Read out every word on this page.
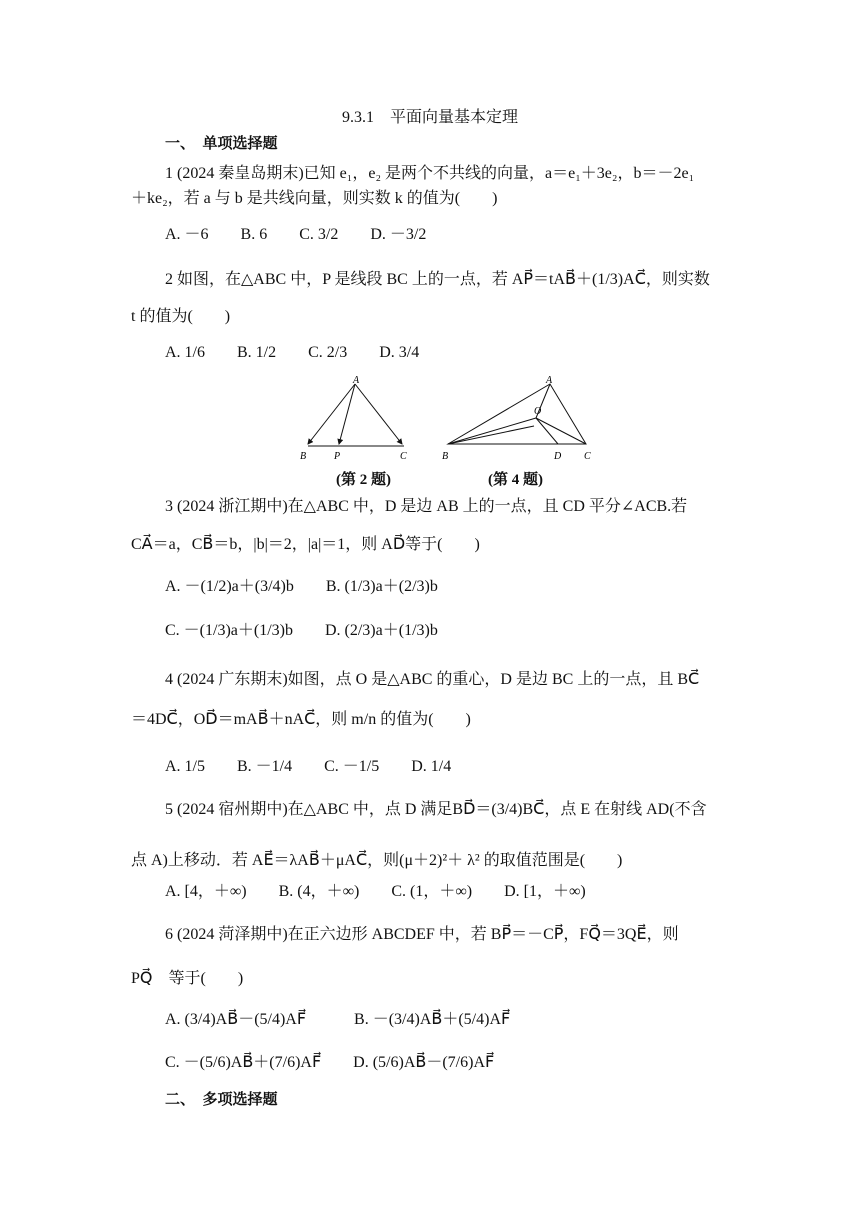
9.3.1　平面向量基本定理
一、　单项选择题
1 (2024 秦皇岛期末)已知 e₁，e₂ 是两个不共线的向量，a＝e₁＋3e₂，b＝－2e₁
＋ke₂，若 a 与 b 是共线向量，则实数 k 的值为(　　)
A. －6　　B. 6　　C. 3/2　　D. －3/2
2 如图，在△ABC 中，P 是线段 BC 上的一点，若 AP⃗＝tAB⃗＋(1/3)AC⃗，则实数
t 的值为(　　)
A. 1/6　　B. 1/2　　C. 2/3　　D. 3/4
A
B	P	C
(第 2 题)
A
O
B	D C
(第 4 题)
3 (2024 浙江期中)在△ABC 中，D 是边 AB 上的一点，且 CD 平分∠ACB.若
CA⃗＝a，CB⃗＝b，|b|＝2，|a|＝1，则 AD⃗等于(　　)
A. －(1/2)a＋(3/4)b　　B. (1/3)a＋(2/3)b
C. －(1/3)a＋(1/3)b　　D. (2/3)a＋(1/3)b
4 (2024 广东期末)如图，点 O 是△ABC 的重心，D 是边 BC 上的一点，且 BC⃗
＝4DC⃗，OD⃗＝mAB⃗＋nAC⃗，则 m/n 的值为(　　)
A. 1/5　　B. －1/4　　C. －1/5　　D. 1/4
5 (2024 宿州期中)在△ABC 中，点 D 满足BD⃗＝(3/4)BC⃗，点 E 在射线 AD(不含
点 A)上移动．若 AE⃗＝λAB⃗＋μAC⃗，则(μ＋2)²＋ λ² 的取值范围是(　　)
A. [4，＋∞)　　B. (4，＋∞)　　C. (1，＋∞)　　D. [1，＋∞)
6 (2024 菏泽期中)在正六边形 ABCDEF 中，若 BP⃗＝－CP⃗，FQ⃗＝3QE⃗，则
PQ⃗　等于(　　)
A. (3/4)AB⃗－(5/4)AF⃗　　　B. －(3/4)AB⃗＋(5/4)AF⃗
C. －(5/6)AB⃗＋(7/6)AF⃗　　D. (5/6)AB⃗－(7/6)AF⃗
二、　多项选择题
